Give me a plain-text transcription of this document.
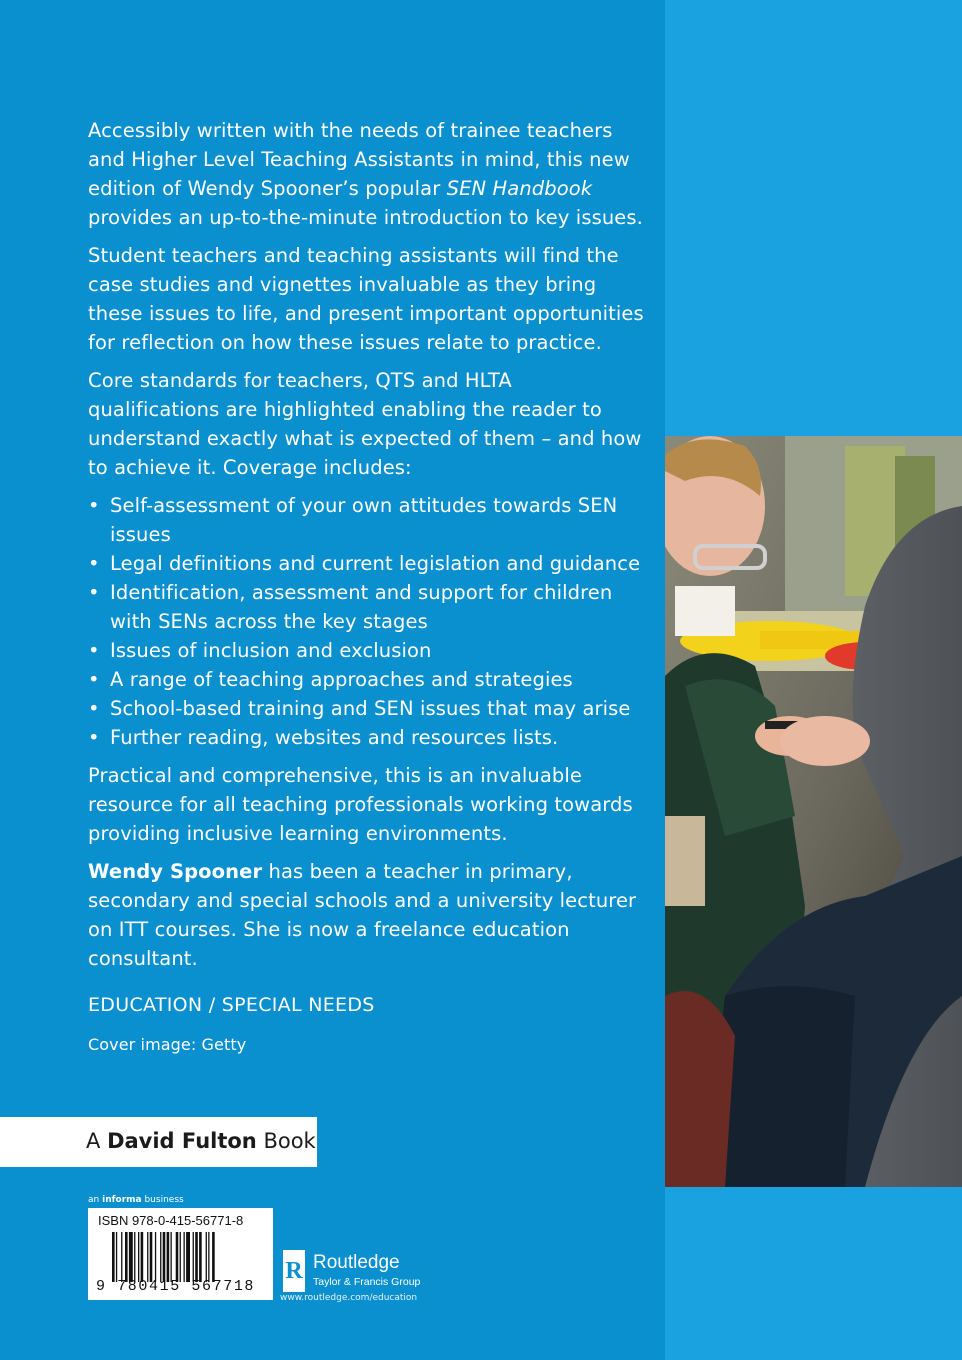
Accessibly written with the needs of trainee teachers and Higher Level Teaching Assistants in mind, this new edition of Wendy Spooner’s popular SEN Handbook provides an up-to-the-minute introduction to key issues.

Student teachers and teaching assistants will find the case studies and vignettes invaluable as they bring these issues to life, and present important opportunities for reflection on how these issues relate to practice.

Core standards for teachers, QTS and HLTA qualifications are highlighted enabling the reader to understand exactly what is expected of them – and how to achieve it. Coverage includes:

• Self-assessment of your own attitudes towards SEN issues
• Legal definitions and current legislation and guidance
• Identification, assessment and support for children with SENs across the key stages
• Issues of inclusion and exclusion
• A range of teaching approaches and strategies
• School-based training and SEN issues that may arise
• Further reading, websites and resources lists.

Practical and comprehensive, this is an invaluable resource for all teaching professionals working towards providing inclusive learning environments.

Wendy Spooner has been a teacher in primary, secondary and special schools and a university lecturer on ITT courses. She is now a freelance education consultant.

EDUCATION / SPECIAL NEEDS
Cover image: Getty
A David Fulton Book
an informa business
ISBN 978-0-415-56771-8
9 780415 567718
R Routledge
Taylor & Francis Group
www.routledge.com/education
